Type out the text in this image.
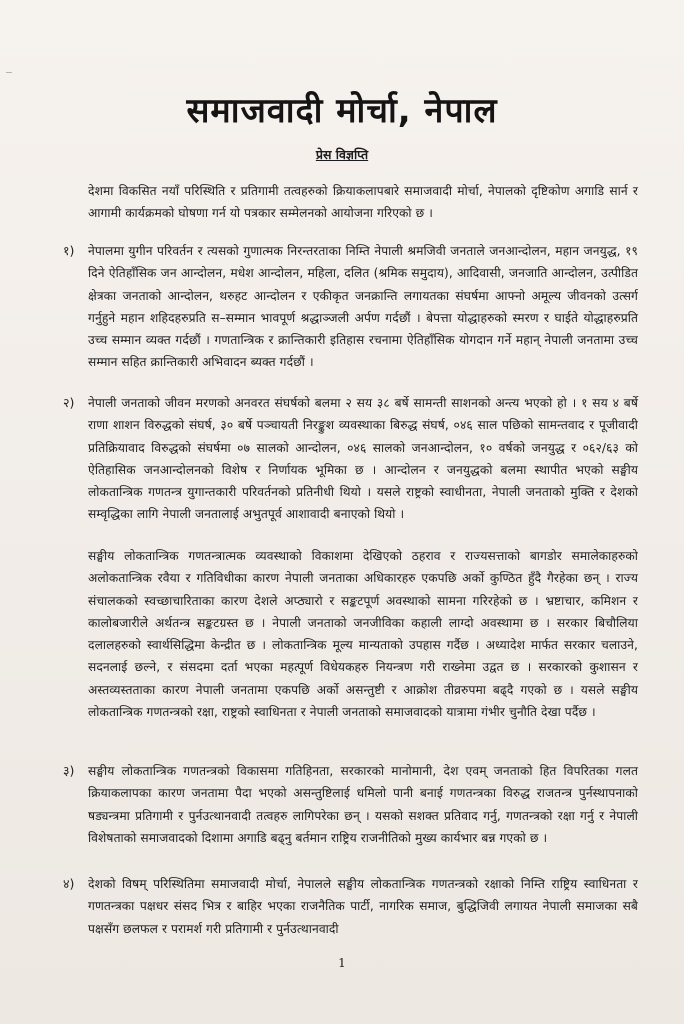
समाजवादी मोर्चा, नेपाल
प्रेस विज्ञप्ति
देशमा विकसित नयाँ परिस्थिति र प्रतिगामी तत्वहरुको क्रियाकलापबारे समाजवादी मोर्चा, नेपालको दृष्टिकोण अगाडि सार्न र आगामी कार्यक्रमको घोषणा गर्न यो पत्रकार सम्मेलनको आयोजना गरिएको छ ।
१) नेपालमा युगीन परिवर्तन र त्यसको गुणात्मक निरन्तरताका निम्ति नेपाली श्रमजिवी जनताले जनआन्दोलन, महान जनयुद्ध, १९ दिने ऐतिहाँसिक जन आन्दोलन, मधेश आन्दोलन, महिला, दलित (श्रमिक समुदाय), आदिवासी, जनजाति आन्दोलन, उत्पीडित क्षेत्रका जनताको आन्दोलन, थरुहट आन्दोलन र एकीकृत जनक्रान्ति लगायतका संघर्षमा आफ्नो अमूल्य जीवनको उत्सर्ग गर्नुहुने महान शहिदहरुप्रति स–सम्मान भावपूर्ण श्रद्धाञ्जली अर्पण गर्दछौं । बेपत्ता योद्धाहरुको स्मरण र घाईते योद्धाहरुप्रति उच्च सम्मान व्यक्त गर्दछौं । गणतान्त्रिक र क्रान्तिकारी इतिहास रचनामा ऐतिहाँसिक योगदान गर्ने महान् नेपाली जनतामा उच्च सम्मान सहित क्रान्तिकारी अभिवादन ब्यक्त गर्दछौं ।
२) नेपाली जनताको जीवन मरणको अनवरत संघर्षको बलमा २ सय ३८ बर्षे सामन्ती साशनको अन्त्य भएको हो । १ सय ४ बर्षे राणा शाशन विरुद्धको संघर्ष, ३० बर्षे पञ्चायती निरङ्कुश व्यवस्थाका बिरुद्ध संघर्ष, ०४६ साल पछिको सामन्तवाद र पूजीवादी प्रतिक्रियावाद विरुद्धको संघर्षमा ०७ सालको आन्दोलन, ०४६ सालको जनआन्दोलन, १० वर्षको जनयुद्ध र ०६२/६३ को ऐतिहासिक जनआन्दोलनको विशेष र निर्णायक भूमिका छ । आन्दोलन र जनयुद्धको बलमा स्थापीत भएको सङ्घीय लोकतान्त्रिक गणतन्त्र युगान्तकारी परिवर्तनको प्रतिनीधी थियो । यसले राष्ट्रको स्वाधीनता, नेपाली जनताको मुक्ति र देशको सम्वृद्धिका लागि नेपाली जनतालाई अभुतपूर्व आशावादी बनाएको थियो ।
सङ्घीय लोकतान्त्रिक गणतन्त्रात्मक व्यवस्थाको विकाशमा देखिएको ठहराव र राज्यसत्ताको बागडोर समालेकाहरुको अलोकतान्त्रिक रवैया र गतिविधीका कारण नेपाली जनताका अधिकारहरु एकपछि अर्को कुण्ठित हुँदै गैरहेका छन् । राज्य संचालकको स्वच्छाचारिताका कारण देशले अप्ठ्यारो र सङ्कटपूर्ण अवस्थाको सामना गरिरहेको छ । भ्रष्टाचार, कमिशन र कालोबजारीले अर्थतन्त्र सङ्कटग्रस्त छ । नेपाली जनताको जनजीविका कहाली लाग्दो अवस्थामा छ । सरकार बिचौलिया दलालहरुको स्वार्थसिद्धिमा केन्द्रीत छ । लोकतान्त्रिक मूल्य मान्यताको उपहास गर्दैछ । अध्यादेश मार्फत सरकार चलाउने, सदनलाई छल्ने, र संसदमा दर्ता भएका महत्पूर्ण विधेयकहरु नियन्त्रण गरी राख्नेमा उद्वत छ । सरकारको कुशासन र अस्तव्यस्तताका कारण नेपाली जनतामा एकपछि अर्को असन्तुष्टी र आक्रोश तीव्ररुपमा बढ्दै गएको छ । यसले सङ्घीय लोकतान्त्रिक गणतन्त्रको रक्षा, राष्ट्रको स्वाधिनता र नेपाली जनताको समाजवादको यात्रामा गंभीर चुनौति देखा पर्दैछ ।
३) सङ्घीय लोकतान्त्रिक गणतन्त्रको विकासमा गतिहिनता, सरकारको मानोमानी, देश एवम् जनताको हित विपरितका गलत क्रियाकलापका कारण जनतामा पैदा भएको असन्तुष्टिलाई धमिलो पानी बनाई गणतन्त्रका विरुद्ध राजतन्त्र पुर्नस्थापनाको षड्यन्त्रमा प्रतिगामी र पुर्नउत्थानवादी तत्वहरु लागिपरेका छन् । यसको सशक्त प्रतिवाद गर्नु, गणतन्त्रको रक्षा गर्नु र नेपाली विशेषताको समाजवादको दिशामा अगाडि बढ्नु बर्तमान राष्ट्रिय राजनीतिको मुख्य कार्यभार बन्न गएको छ ।
४) देशको विषम् परिस्थितिमा समाजवादी मोर्चा, नेपालले सङ्घीय लोकतान्त्रिक गणतन्त्रको रक्षाको निम्ति राष्ट्रिय स्वाधिनता र गणतन्त्रका पक्षधर संसद भित्र र बाहिर भएका राजनैतिक पार्टी, नागरिक समाज, बुद्धिजिवी लगायत नेपाली समाजका सबै पक्षसँग छलफल र परामर्श गरी प्रतिगामी र पुर्नउत्थानवादी
1
